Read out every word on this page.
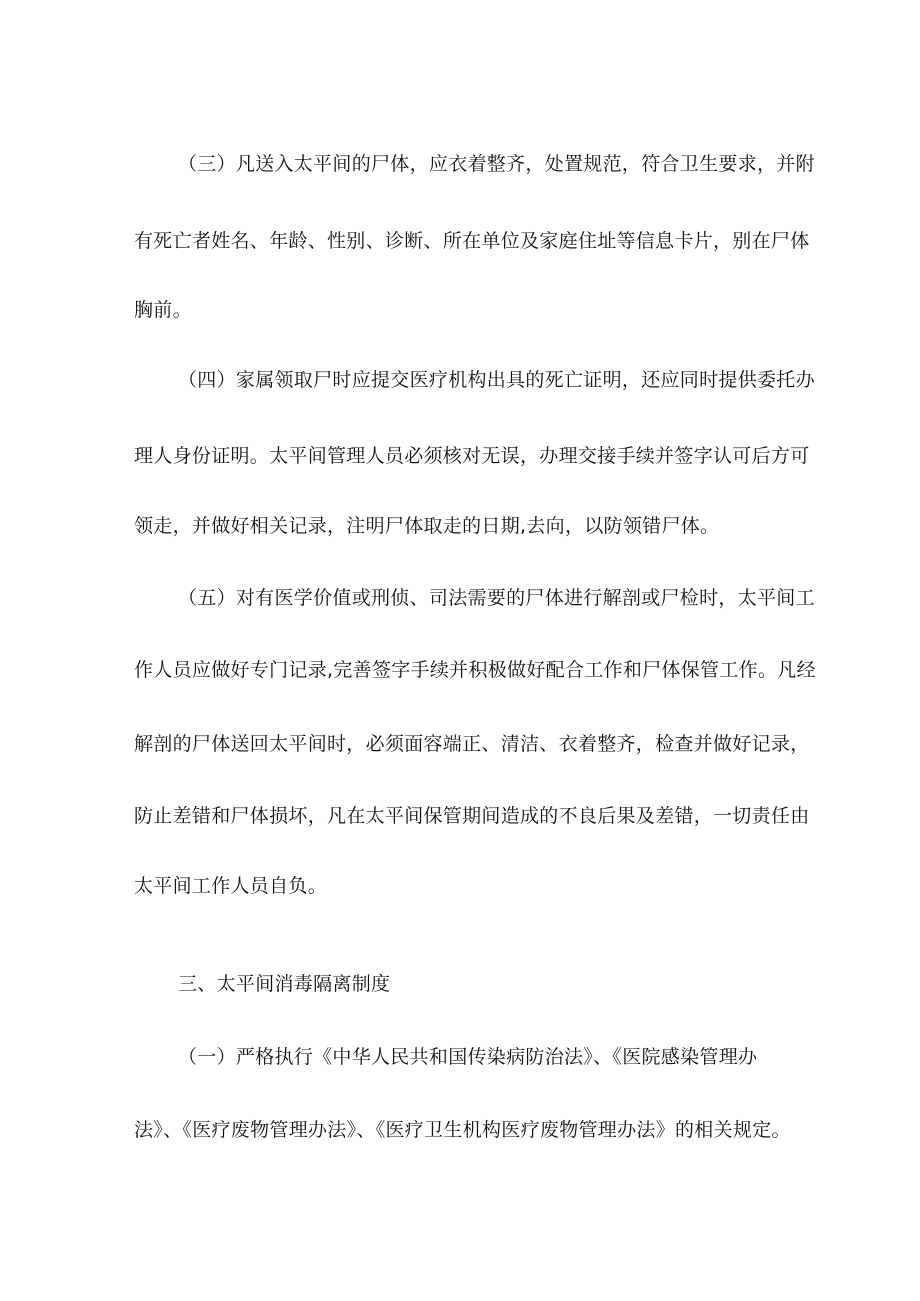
（三）凡送入太平间的尸体，应衣着整齐，处置规范，符合卫生要求，并附
有死亡者姓名、年龄、性别、诊断、所在单位及家庭住址等信息卡片，别在尸体
胸前。
（四）家属领取尸时应提交医疗机构出具的死亡证明，还应同时提供委托办
理人身份证明。太平间管理人员必须核对无误，办理交接手续并签字认可后方可
领走，并做好相关记录，注明尸体取走的日期,去向，以防领错尸体。
（五）对有医学价值或刑侦、司法需要的尸体进行解剖或尸检时，太平间工
作人员应做好专门记录,完善签字手续并积极做好配合工作和尸体保管工作。凡经
解剖的尸体送回太平间时，必须面容端正、清洁、衣着整齐，检查并做好记录，
防止差错和尸体损坏，凡在太平间保管期间造成的不良后果及差错，一切责任由
太平间工作人员自负。
三、太平间消毒隔离制度
（一）严格执行《中华人民共和国传染病防治法》、《医院感染管理办
法》、《医疗废物管理办法》、《医疗卫生机构医疗废物管理办法》的相关规定。
